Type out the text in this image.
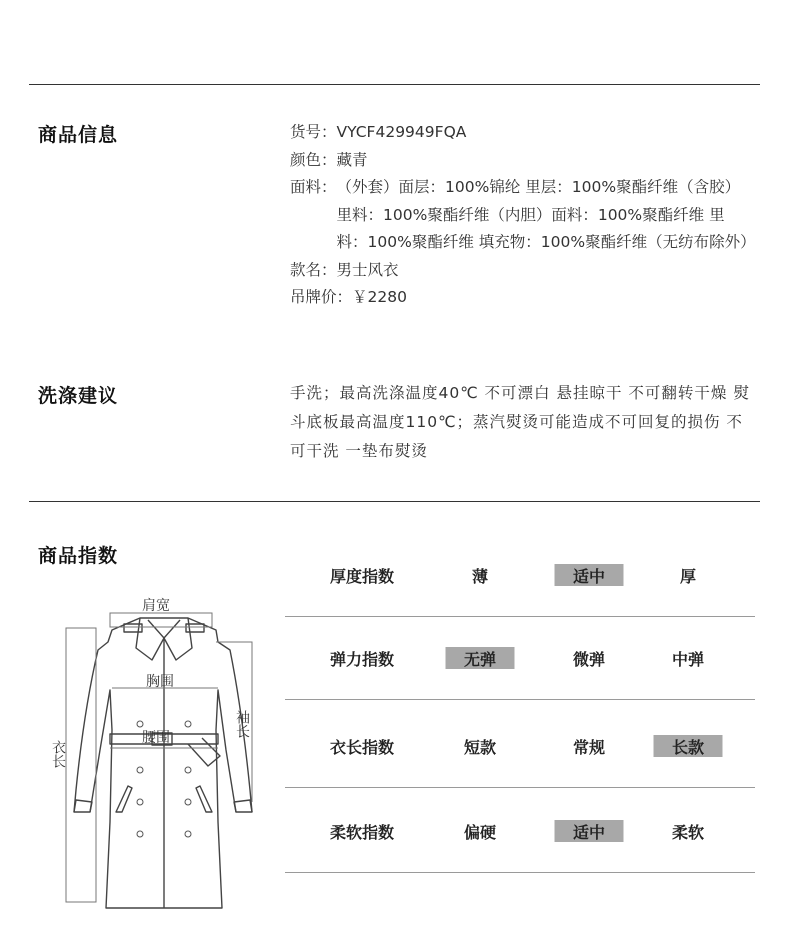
商品信息	货号： VYCF429949FQA
颜色： 藏青
面料： （外套）面层：100%锦纶 里层：100%聚酯纤维（含胶）里料：100%聚酯纤维（内胆）面料：100%聚酯纤维 里料：100%聚酯纤维 填充物：100%聚酯纤维（无纺布除外）
款名： 男士风衣
吊牌价： ￥2280
洗涤建议	手洗；最高洗涤温度40℃ 不可漂白 悬挂晾干 不可翻转干燥 熨斗底板最高温度110℃；蒸汽熨烫可能造成不可回复的损伤 不可干洗 一垫布熨烫
商品指数
厚度指数	薄	适中	厚
弹力指数	无弹	微弹	中弹
衣长指数	短款	常规	长款
柔软指数	偏硬	适中	柔软
肩宽
胸围
腰围	袖长
衣长
